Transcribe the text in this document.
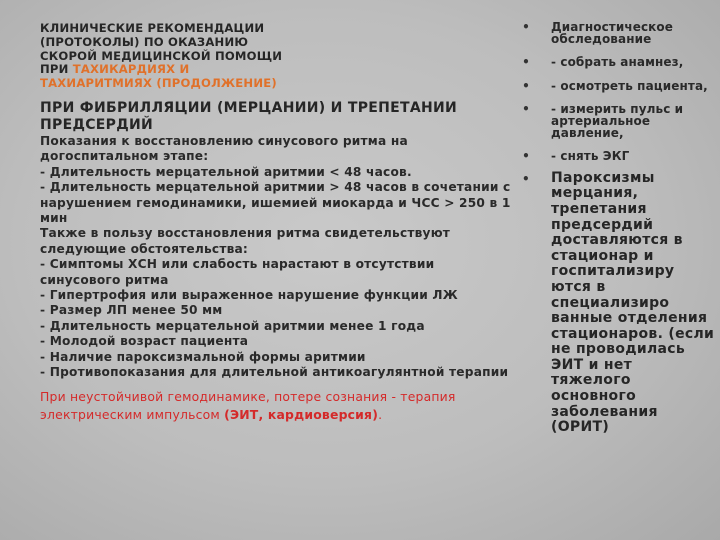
КЛИНИЧЕСКИЕ РЕКОМЕНДАЦИИ (ПРОТОКОЛЫ) ПО ОКАЗАНИЮ СКОРОЙ МЕДИЦИНСКОЙ ПОМОЩИ ПРИ ТАХИКАРДИЯХ И ТАХИАРИТМИЯХ (ПРОДОЛЖЕНИЕ)
ПРИ ФИБРИЛЛЯЦИИ (МЕРЦАНИИ) И ТРЕПЕТАНИИ ПРЕДСЕРДИЙ
Показания к восстановлению синусового ритма на догоспитальном этапе:
- Длительность мерцательной аритмии < 48 часов.
- Длительность мерцательной аритмии > 48 часов в сочетании с нарушением гемодинамики, ишемией миокарда и ЧСС > 250 в 1 мин
Также в пользу восстановления ритма свидетельствуют следующие обстоятельства:
- Симптомы ХСН или слабость нарастают в отсутствии синусового ритма
- Гипертрофия или выраженное нарушение функции ЛЖ
- Размер ЛП менее 50 мм
- Длительность мерцательной аритмии менее 1 года
- Молодой возраст пациента
- Наличие пароксизмальной формы аритмии
- Противопоказания для длительной антикоагулянтной терапии
При неустойчивой гемодинамике, потере сознания - терапия электрическим импульсом (ЭИТ, кардиоверсия).
•	Диагностическое обследование
•	- собрать анамнез,
•	- осмотреть пациента,
•	- измерить пульс и артериальное давление,
•	- снять ЭКГ
•	Пароксизмы мерцания, трепетания предсердий доставляются в стационар и госпитализиру ются в специализиро ванные отделения стационаров. (если не проводилась ЭИТ и нет тяжелого основного заболевания (ОРИТ)
